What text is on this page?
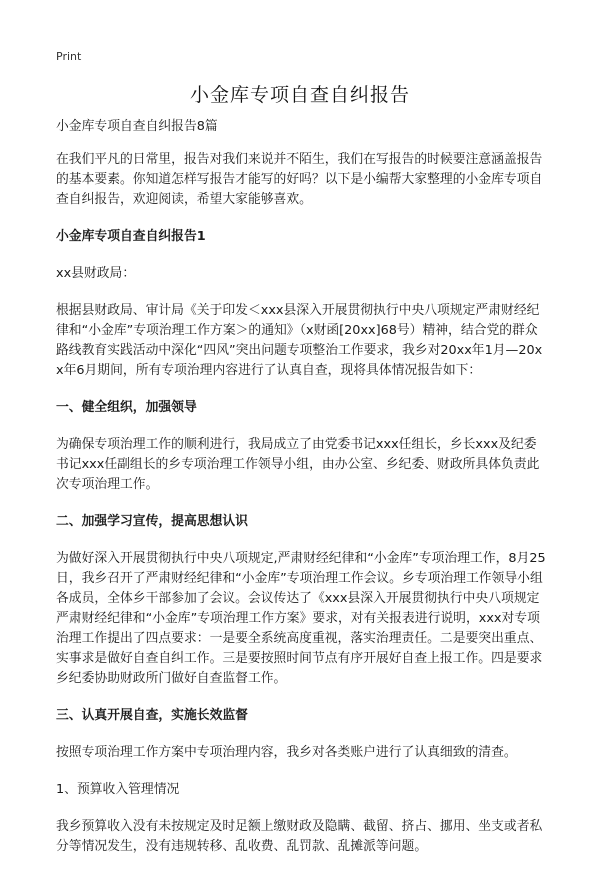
Print
小金库专项自查自纠报告

小金库专项自查自纠报告8篇

在我们平凡的日常里，报告对我们来说并不陌生，我们在写报告的时候要注意涵盖报告的基本要素。你知道怎样写报告才能写的好吗？以下是小编帮大家整理的小金库专项自查自纠报告，欢迎阅读，希望大家能够喜欢。

小金库专项自查自纠报告1

xx县财政局：

根据县财政局、审计局《关于印发＜xxx县深入开展贯彻执行中央八项规定严肃财经纪律和“小金库”专项治理工作方案＞的通知》（x财函[20xx]68号）精神，结合党的群众路线教育实践活动中深化“四风”突出问题专项整治工作要求，我乡对20xx年1月—20xx年6月期间，所有专项治理内容进行了认真自查，现将具体情况报告如下：

一、健全组织，加强领导

为确保专项治理工作的顺利进行，我局成立了由党委书记xxx任组长，乡长xxx及纪委书记xxx任副组长的乡专项治理工作领导小组，由办公室、乡纪委、财政所具体负责此次专项治理工作。

二、加强学习宣传，提高思想认识

为做好深入开展贯彻执行中央八项规定,严肃财经纪律和“小金库”专项治理工作，8月25日，我乡召开了严肃财经纪律和“小金库”专项治理工作会议。乡专项治理工作领导小组各成员，全体乡干部参加了会议。会议传达了《xxx县深入开展贯彻执行中央八项规定严肃财经纪律和“小金库”专项治理工作方案》要求，对有关报表进行说明，xxx对专项治理工作提出了四点要求：一是要全系统高度重视，落实治理责任。二是要突出重点、实事求是做好自查自纠工作。三是要按照时间节点有序开展好自查上报工作。四是要求乡纪委协助财政所门做好自查监督工作。

三、认真开展自查，实施长效监督

按照专项治理工作方案中专项治理内容，我乡对各类账户进行了认真细致的清查。

1、预算收入管理情况

我乡预算收入没有未按规定及时足额上缴财政及隐瞒、截留、挤占、挪用、坐支或者私分等情况发生，没有违规转移、乱收费、乱罚款、乱摊派等问题。
